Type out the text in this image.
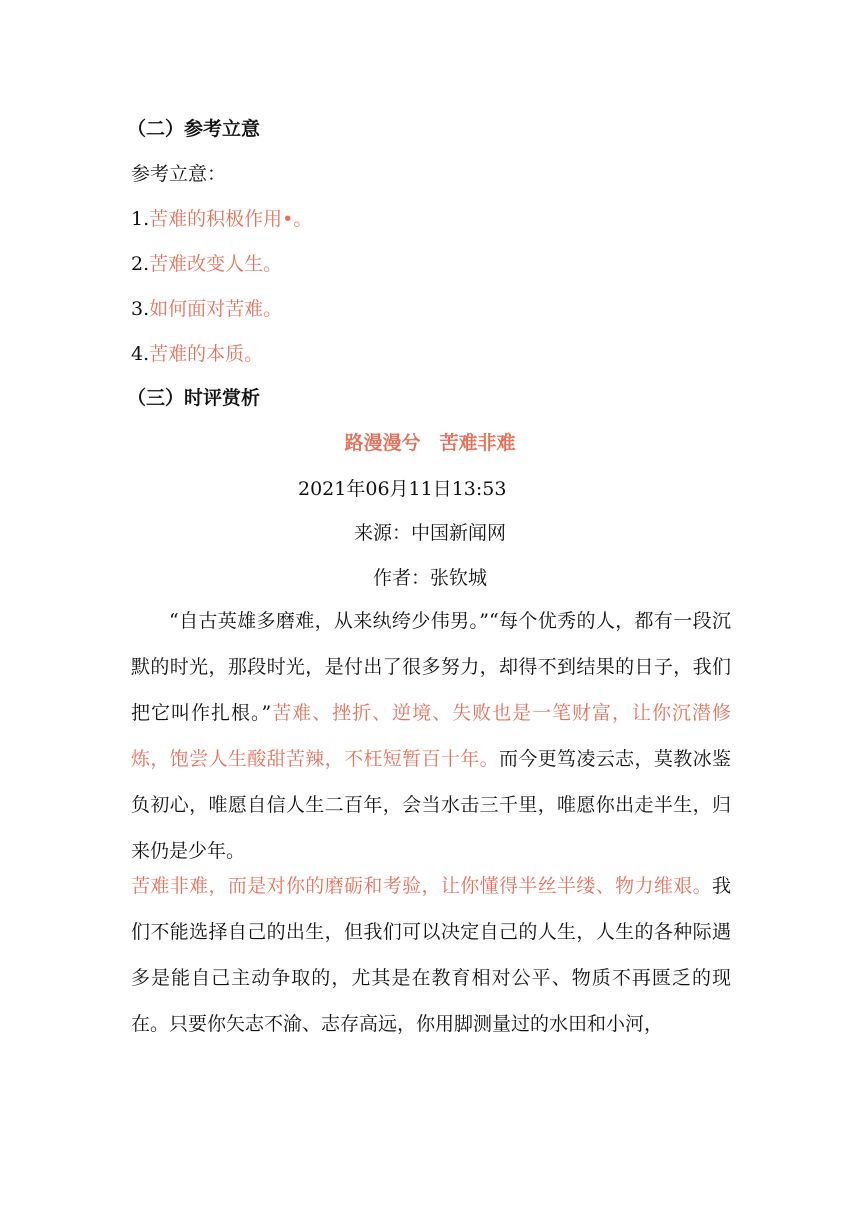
（二）参考立意
参考立意：
1.苦难的积极作用•。
2.苦难改变人生。
3.如何面对苦难。
4.苦难的本质。
（三）时评赏析
路漫漫兮　苦难非难
2021年06月11日13:53
来源：中国新闻网
作者：张钦城
“自古英雄多磨难，从来纨绔少伟男。”“每个优秀的人，都有一段沉默的时光，那段时光，是付出了很多努力，却得不到结果的日子，我们把它叫作扎根。”苦难、挫折、逆境、失败也是一笔财富，让你沉潜修炼，饱尝人生酸甜苦辣，不枉短暂百十年。而今更笃凌云志，莫教冰鉴负初心，唯愿自信人生二百年，会当水击三千里，唯愿你出走半生，归来仍是少年。
苦难非难，而是对你的磨砺和考验，让你懂得半丝半缕、物力维艰。我们不能选择自己的出生，但我们可以决定自己的人生，人生的各种际遇多是能自己主动争取的，尤其是在教育相对公平、物质不再匮乏的现在。只要你矢志不渝、志存高远，你用脚测量过的水田和小河，
